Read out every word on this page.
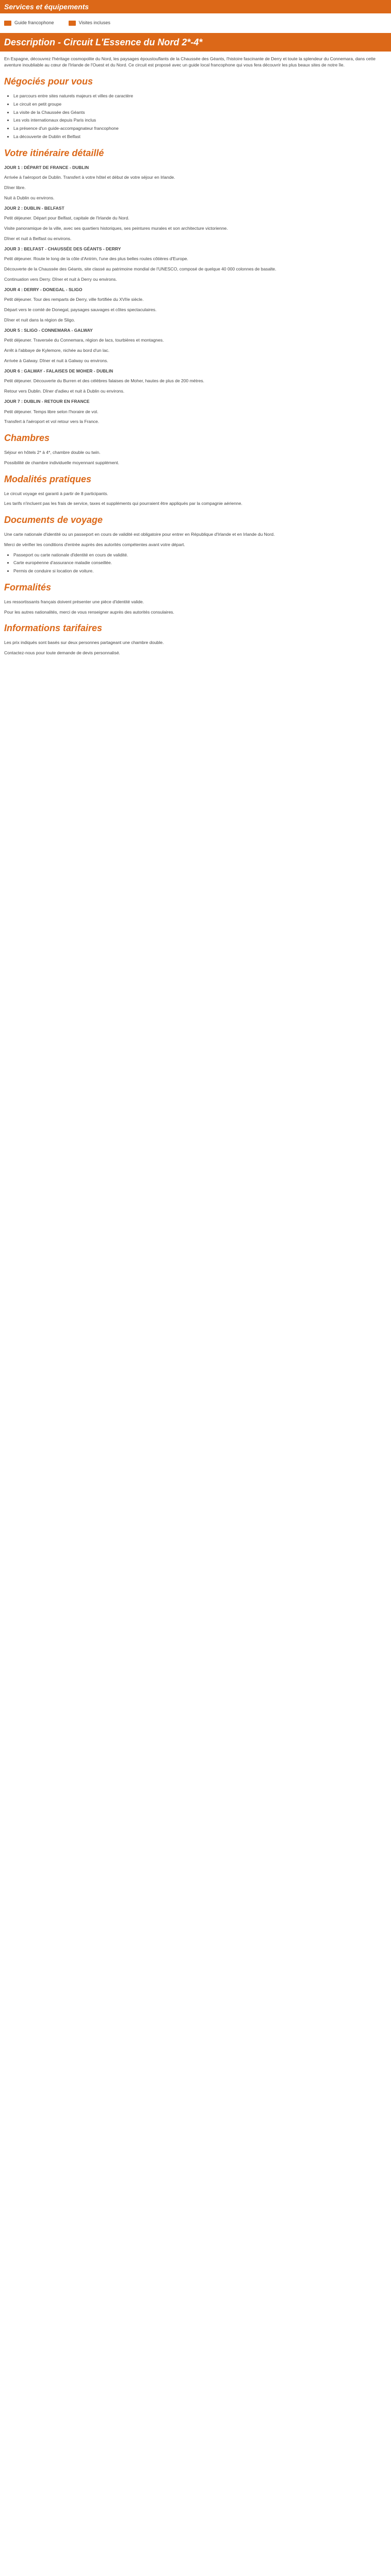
Services et équipements
Guide francophone	Visites incluses
Description - Circuit L'Essence du Nord 2*-4*

En Espagne, découvrez l'héritage cosmopolite du Nord, les paysages époustouflants de la Chaussée des Géants, l'histoire fascinante de Derry et toute la splendeur du Connemara, dans cette aventure inoubliable au cœur de l'Irlande de l'Ouest et du Nord. Ce circuit est proposé avec un guide local francophone qui vous fera découvrir les plus beaux sites de notre île.

Négociés pour vous
• Le parcours entre sites naturels majeurs et villes de caractère
• Le circuit en petit groupe
• La visite de la Chaussée des Géants
• Les vols internationaux depuis Paris inclus
• La présence d'un guide-accompagnateur francophone
• La découverte de Dublin et Belfast
Votre itinéraire détaillé

JOUR 1 : DÉPART DE FRANCE - DUBLIN

Arrivée à l'aéroport de Dublin. Transfert à votre hôtel et début de votre séjour en Irlande.

Dîner libre.

Nuit à Dublin ou environs.

JOUR 2 : DUBLIN - BELFAST

Petit déjeuner. Départ pour Belfast, capitale de l'Irlande du Nord.

Visite panoramique de la ville, avec ses quartiers historiques, ses peintures murales et son architecture victorienne.

Dîner et nuit à Belfast ou environs.

JOUR 3 : BELFAST - CHAUSSÉE DES GÉANTS - DERRY

Petit déjeuner. Route le long de la côte d'Antrim, l'une des plus belles routes côtières d'Europe.

Découverte de la Chaussée des Géants, site classé au patrimoine mondial de l'UNESCO, composé de quelque 40 000 colonnes de basalte.

Continuation vers Derry. Dîner et nuit à Derry ou environs.

JOUR 4 : DERRY - DONEGAL - SLIGO

Petit déjeuner. Tour des remparts de Derry, ville fortifiée du XVIIe siècle.

Départ vers le comté de Donegal, paysages sauvages et côtes spectaculaires.

Dîner et nuit dans la région de Sligo.

JOUR 5 : SLIGO - CONNEMARA - GALWAY

Petit déjeuner. Traversée du Connemara, région de lacs, tourbières et montagnes.

Arrêt à l'abbaye de Kylemore, nichée au bord d'un lac.

Arrivée à Galway. Dîner et nuit à Galway ou environs.

JOUR 6 : GALWAY - FALAISES DE MOHER - DUBLIN

Petit déjeuner. Découverte du Burren et des célèbres falaises de Moher, hautes de plus de 200 mètres.

Retour vers Dublin. Dîner d'adieu et nuit à Dublin ou environs.

JOUR 7 : DUBLIN - RETOUR EN FRANCE

Petit déjeuner. Temps libre selon l'horaire de vol.

Transfert à l'aéroport et vol retour vers la France.

Chambres

Séjour en hôtels 2* à 4*, chambre double ou twin.

Possibilité de chambre individuelle moyennant supplément.

Modalités pratiques

Le circuit voyage est garanti à partir de 8 participants.

Les tarifs n'incluent pas les frais de service, taxes et suppléments qui pourraient être appliqués par la compagnie aérienne.

Documents de voyage

Une carte nationale d'identité ou un passeport en cours de validité est obligatoire pour entrer en République d'Irlande et en Irlande du Nord.

Merci de vérifier les conditions d'entrée auprès des autorités compétentes avant votre départ.

• Passeport ou carte nationale d'identité en cours de validité.
• Carte européenne d'assurance maladie conseillée.
• Permis de conduire si location de voiture.
Formalités

Les ressortissants français doivent présenter une pièce d'identité valide.

Pour les autres nationalités, merci de vous renseigner auprès des autorités consulaires.

Informations tarifaires

Les prix indiqués sont basés sur deux personnes partageant une chambre double.

Contactez-nous pour toute demande de devis personnalisé.
